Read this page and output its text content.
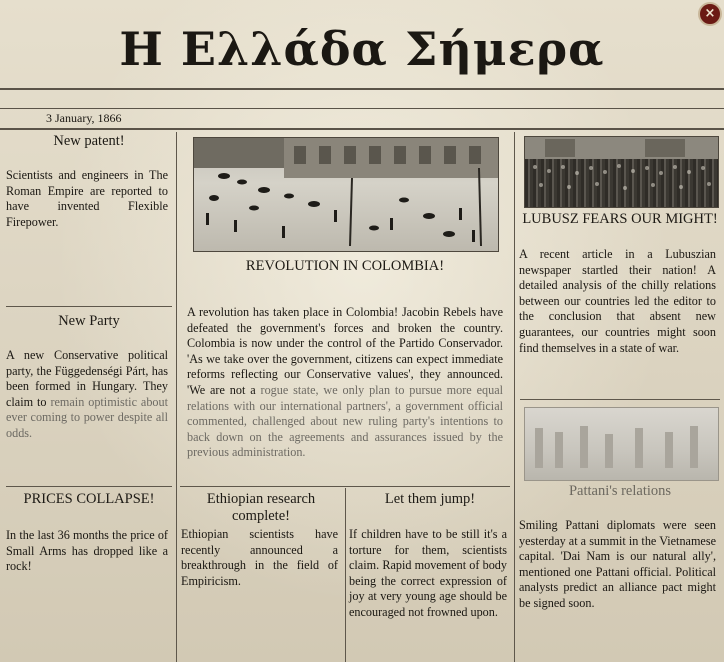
×
Η Ελλάδα Σήμερα
3 January, 1866
New patent!
Scientists and engineers in The Roman Empire are reported to have invented Flexible Firepower.
New Party
A new Conservative political party, the Függedenségi Párt, has been formed in Hungary. They claim to remain optimistic about ever coming to power despite all odds.
PRICES COLLAPSE!
In the last 36 months the price of Small Arms has dropped like a rock!
REVOLUTION IN COLOMBIA!
A revolution has taken place in Colombia! Jacobin Rebels have defeated the government's forces and broken the country. Colombia is now under the control of the Partido Conservador. 'As we take over the government, citizens can expect immediate reforms reflecting our Conservative values', they announced. 'We are not a rogue state, we only plan to pursue more equal relations with our international partners', a government official commented, challenged about new ruling party's intentions to back down on the agreements and assurances issued by the previous administration.
Ethiopian research complete!
Ethiopian scientists have recently announced a breakthrough in the field of Empiricism.
Let them jump!
If children have to be still it's a torture for them, scientists claim. Rapid movement of body being the correct expression of joy at very young age should be encouraged not frowned upon.
LUBUSZ FEARS OUR MIGHT!
A recent article in a Lubuszian newspaper startled their nation! A detailed analysis of the chilly relations between our countries led the editor to the conclusion that absent new guarantees, our countries might soon find themselves in a state of war.
Pattani's relations
Smiling Pattani diplomats were seen yesterday at a summit in the Vietnamese capital. 'Dai Nam is our natural ally', mentioned one Pattani official. Political analysts predict an alliance pact might be signed soon.
